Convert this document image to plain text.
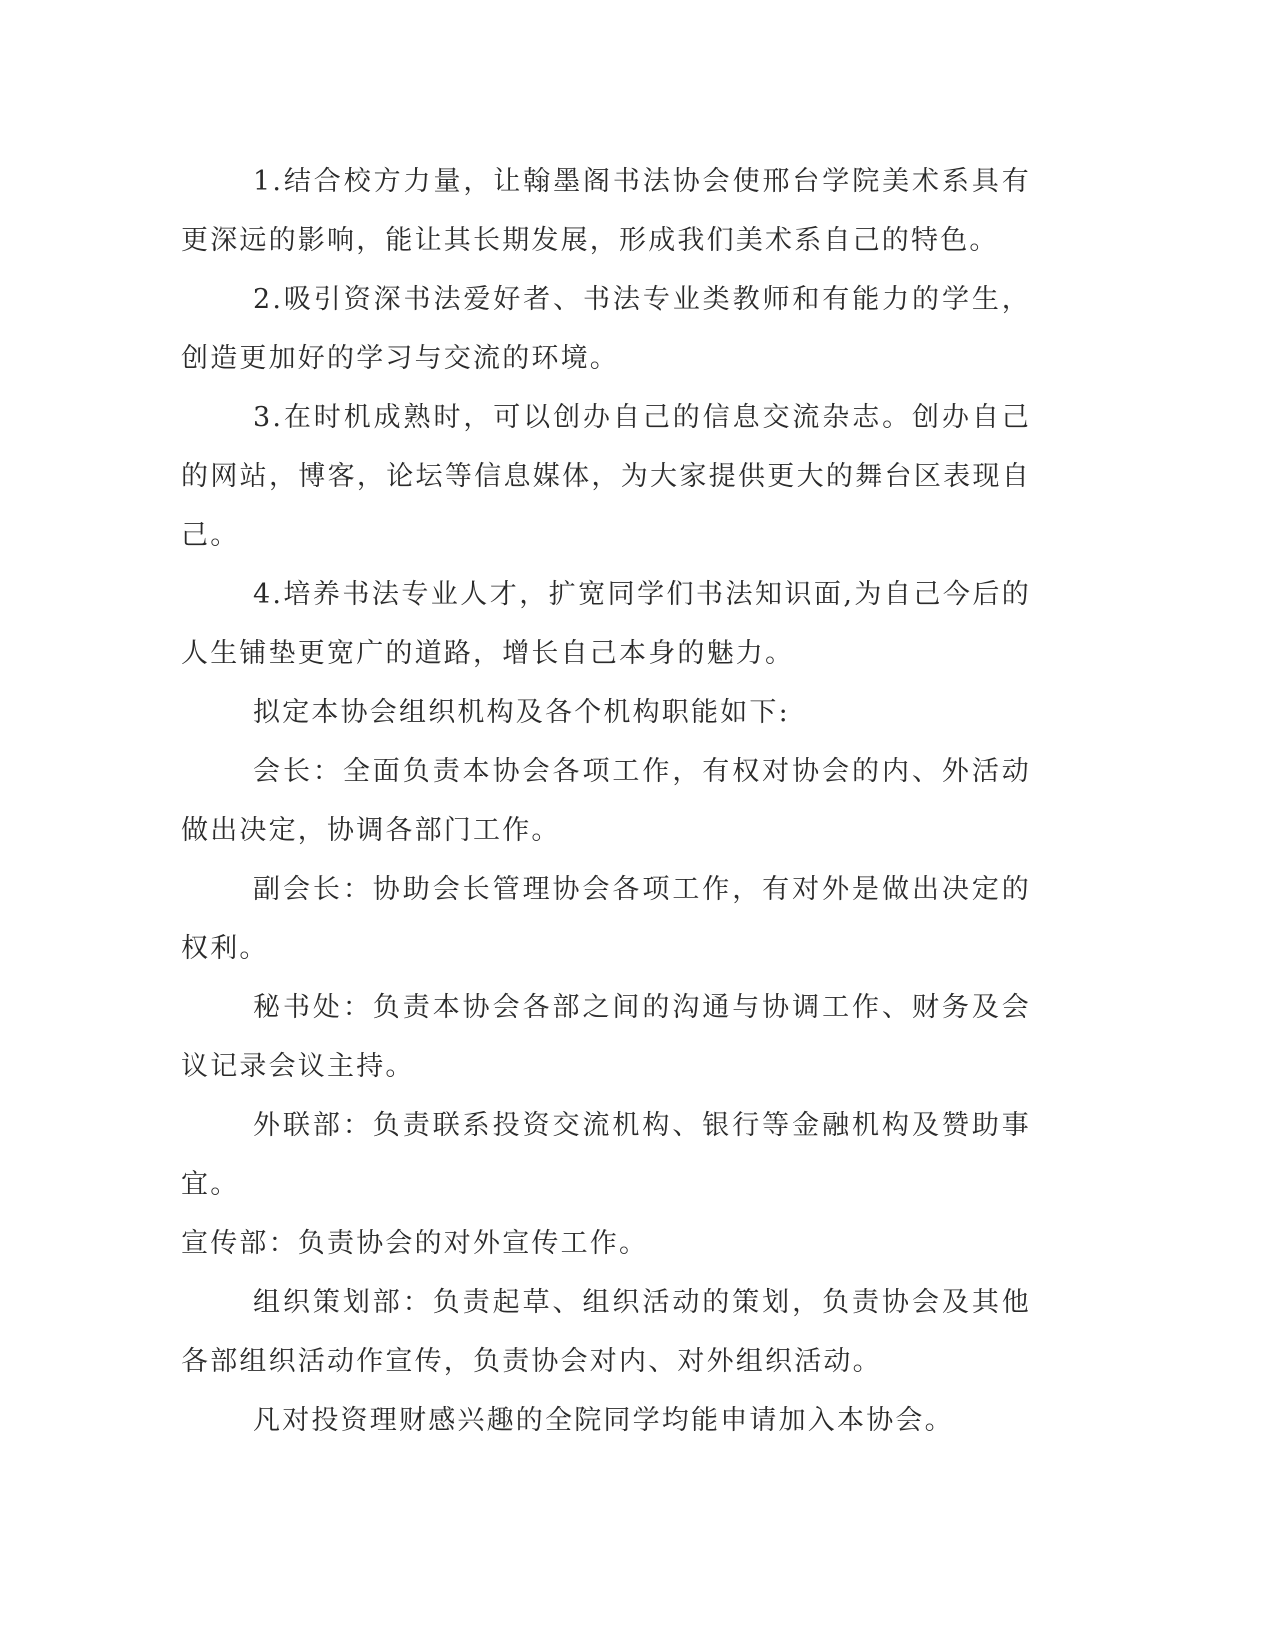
1.结合校方力量，让翰墨阁书法协会使邢台学院美术系具有更深远的影响，能让其长期发展，形成我们美术系自己的特色。

2.吸引资深书法爱好者、书法专业类教师和有能力的学生，创造更加好的学习与交流的环境。

3.在时机成熟时，可以创办自己的信息交流杂志。创办自己的网站，博客，论坛等信息媒体，为大家提供更大的舞台区表现自己。

4.培养书法专业人才，扩宽同学们书法知识面,为自己今后的人生铺垫更宽广的道路，增长自己本身的魅力。

拟定本协会组织机构及各个机构职能如下:

会长：全面负责本协会各项工作，有权对协会的内、外活动做出决定，协调各部门工作。

副会长：协助会长管理协会各项工作，有对外是做出决定的权利。

秘书处：负责本协会各部之间的沟通与协调工作、财务及会议记录会议主持。

外联部：负责联系投资交流机构、银行等金融机构及赞助事宜。

宣传部：负责协会的对外宣传工作。

组织策划部：负责起草、组织活动的策划，负责协会及其他各部组织活动作宣传，负责协会对内、对外组织活动。

凡对投资理财感兴趣的全院同学均能申请加入本协会。
